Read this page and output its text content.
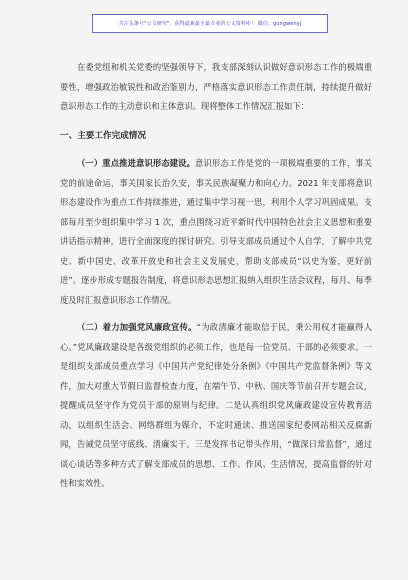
关注头条号"公文研究"，获得最新最全最专业的公文资料库！ 微信：gongwenyj

在委党组和机关党委的坚强领导下，我支部深刻认识做好意识形态工作的极端重要性，增强政治敏锐性和政治鉴别力，严格落实意识形态工作责任制，持续提升做好意识形态工作的主动意识和主体意识。现将整体工作情况汇报如下：

一、主要工作完成情况

（一）重点推进意识形态建设。意识形态工作是党的一项极端重要的工作，事关党的前途命运，事关国家长治久安，事关民族凝聚力和向心力。2021 年支部将意识形态建设作为重点工作持续推进，通过集中学习视一思，利用个人学习巩固成果。支部每月至少组织集中学习 1 次，重点围绕习近平新时代中国特色社会主义思想和重要讲话指示精神，进行全面深度的探讨研究。引导支部成员通过个人自学，了解中共党史、新中国史、改革开放史和社会主义发展史，帮助支部成员“以史为鉴，更好前进”。逐步形成专题报告制度，将意识形态思想汇报纳入组织生活会议程，每月、每季度及时汇报意识形态工作情况。

（二）着力加强党风廉政宣传。“为政清廉才能取信于民，秉公用权才能赢得人心。”党风廉政建设是各级党组织的必须工作，也是每一位党员、干部的必须要求。一是组织支部成员重点学习《中国共产党纪律处分条例》《中国共产党监督条例》等文件，加大对重大节假日监督检查力度，在端午节、中秋、国庆等节前召开专题会议，提醒成员坚守作为党员干部的原则与纪律。二是认真组织党风廉政建设宣传教育活动，以组织生活会、网络群组为媒介，不定时通读、推送国家纪委网站相关反腐新闻，告诫党员坚守底线、清廉实干。三是发挥书记带头作用，“做深日常监督”，通过谈心谈话等多种方式了解支部成员的思想、工作、作风、生活情况，提高监督的针对性和实效性。
